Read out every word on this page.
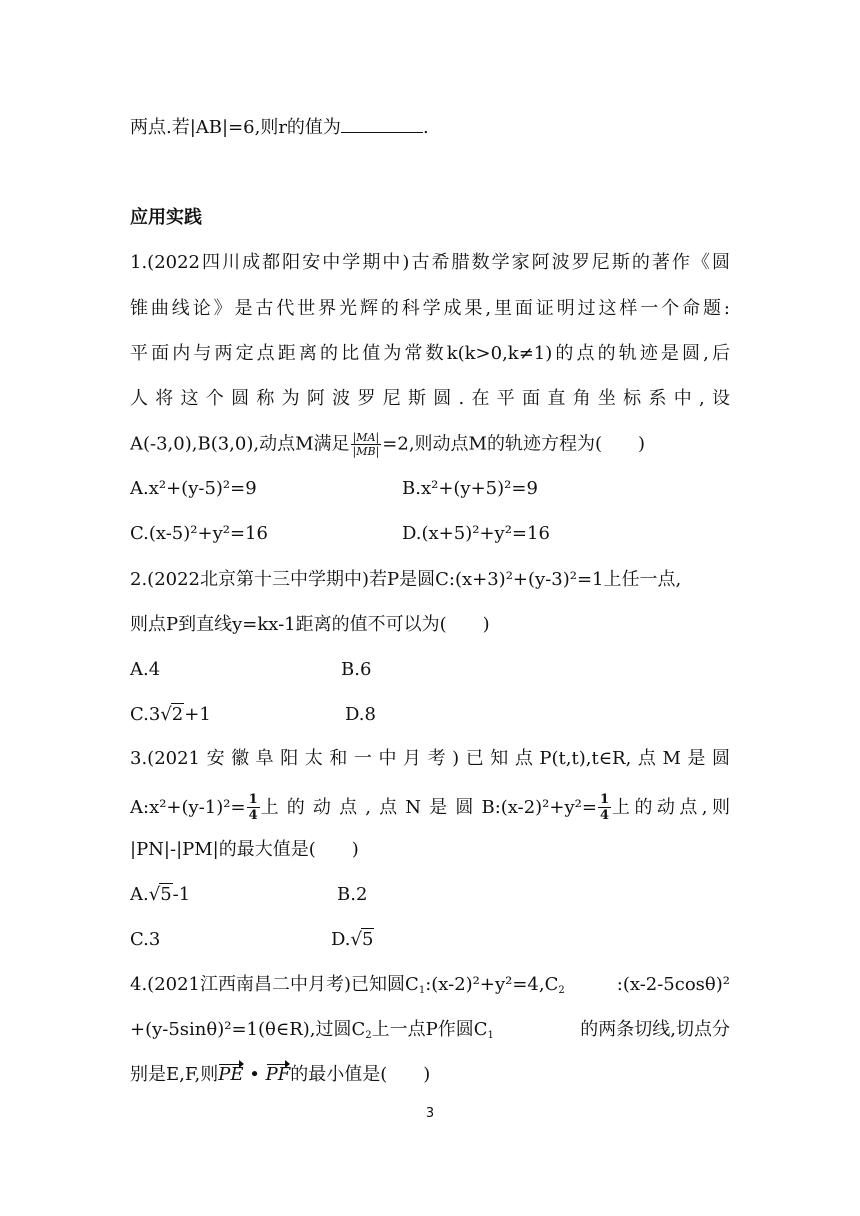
两点.若|AB|=6,则r的值为	.
应用实践
1.(2022四川成都阳安中学期中)古希腊数学家阿波罗尼斯的著作《圆
锥曲线论》是古代世界光辉的科学成果,里面证明过这样一个命题:
平面内与两定点距离的比值为常数k(k>0,k≠1)的点的轨迹是圆,后
人将这个圆称为阿波罗尼斯圆.在平面直角坐标系中,设
A(-3,0),B(3,0),动点M满足 $\frac{|MA|}{|MB|} =2$,则动点M的轨迹方程为(　　)
A.x²+(y-5)²=9	B.x²+(y+5)²=9
C.(x-5)²+y²=16	D.(x+5)²+y²=16
2.(2022北京第十三中学期中)若P是圆C:(x+3)²+(y-3)²=1上任一点,
则点P到直线y=kx-1距离的值不可以为(　　)
A.4	B.6
C.3√2+1	D.8
3.(2021安徽阜阳太和一中月考)已知点P(t,t),t∈R,点M是圆
A:x²+(y-1)²= $\frac{1}{4}$ 上的动点,点N是圆B:(x-2)²+y²= $\frac{1}{4}$ 上的动点,则
|PN|-|PM|的最大值是(　　)
A.√5-1	B.2
C.3	D.√5
4.(2021江西南昌二中月考)已知圆$C_1:(x-2)^2+y^2=4,C_2$	:(x-2-5cosθ)²
+(y-5sinθ)²=1(θ∈R),过圆$C_2$上一点P作圆$C_1$	的两条切线,切点分
别是E,F,则PE • PF的最小值是(　　)
3
